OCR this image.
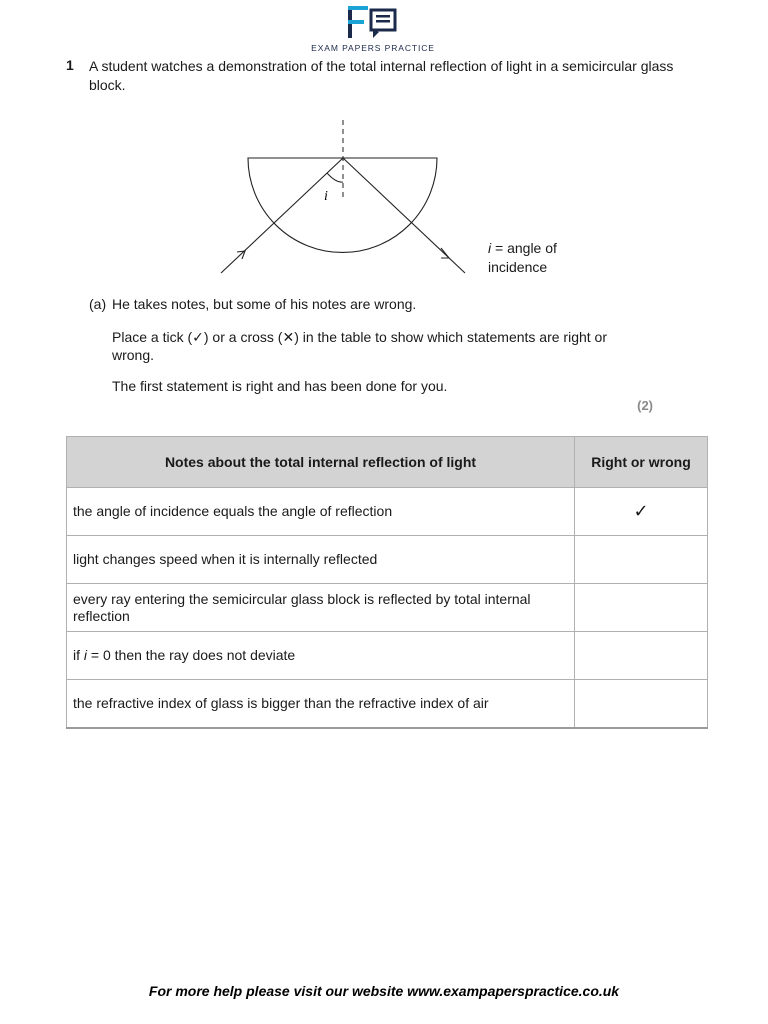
EXAM PAPERS PRACTICE
1 A student watches a demonstration of the total internal reflection of light in a semicircular glass block.
i
i = angle of
incidence
(a) He takes notes, but some of his notes are wrong.
Place a tick (✓) or a cross (✕) in the table to show which statements are right or wrong.
The first statement is right and has been done for you.
(2)
Notes about the total internal reflection of light	Right or wrong
the angle of incidence equals the angle of reflection	✓
light changes speed when it is internally reflected	
every ray entering the semicircular glass block is reflected by total internal reflection	
if i = 0 then the ray does not deviate	
the refractive index of glass is bigger than the refractive index of air	
For more help please visit our website www.exampaperspractice.co.uk
